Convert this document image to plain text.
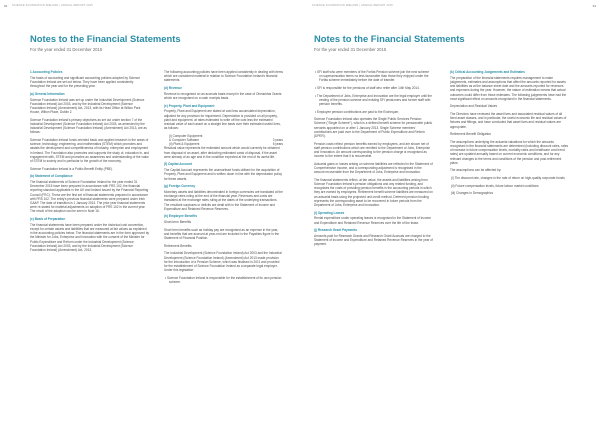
SCIENCE FOUNDATION IRELAND | ANNUAL REPORT 2015
92
Notes to the Financial Statements
For the year ended 31 December 2015

1 Accounting Policies

The basis of accounting and significant accounting policies adopted by Science Foundation Ireland are set out below. They have been applied consistently throughout the year and for the preceding year.

(a) General Information

Science Foundation Ireland was set up under the Industrial Development (Science Foundation Ireland) Act 2003, and by the Industrial Development (Science Foundation Ireland) (Amendment) Act, 2013, with its Head Office at Wilton Park House, Wilton Place, Dublin 2.

Science Foundation Ireland's primary objectives as set out under section 7 of the Industrial Development (Science Foundation Ireland) Act 2003, as amended by the Industrial Development (Science Foundation Ireland) (Amendment) Act 2013, are as follows:

Science Foundation Ireland funds oriented basic and applied research in the areas of science, technology, engineering, and mathematics (STEM) which promotes and assists the development and competitiveness of industry, enterprise and employment in Ireland. The Foundation also promotes and supports the study of, education in, and engagement with, STEM and promotes an awareness and understanding of the value of STEM to society and in particular to the growth of the economy.

Science Foundation Ireland is a Public Benefit Entity (PBE).

(b) Statement of Compliance

The financial statements of Science Foundation Ireland for the year ended 31 December 2015 have been prepared in accordance with FRS 102, the financial reporting standard applicable in the UK and Ireland issued by the Financial Reporting Council (FRC). These are the first set of financial statements prepared in accordance with FRS 102. The entity's previous financial statements were prepared under Irish GAAP. The date of transition is 1 January 2014. The prior year financial statements were re-stated for material adjustments on adoption of FRS 102 in the current year. The result of the adoption can be seen in Note 16.

(c) Basis of Preparation

The financial statements have been prepared under the historical cost convention, except for certain assets and liabilities that are measured at fair values as explained in the accounting policies below. The financial statements are in the form approved by the Minister for Jobs, Enterprise and Innovation with the consent of the Minister for Public Expenditure and Reform under the Industrial Development (Science Foundation Ireland) Act 2003, and by the Industrial Development (Science Foundation Ireland) (Amendment) Act, 2013.

The following accounting policies have been applied consistently in dealing with items which are considered material in relation to Science Foundation Ireland's financial statements.

(d) Revenue

Revenue is recognised on an accruals basis except in the case of Oireachtas Grants which are recognised on a cash receipts basis.

(e) Property, Plant and Equipment

Property, Plant and Equipment are stated at cost less accumulated depreciation, adjusted for any provision for impairment. Depreciation is provided on all property, plant and equipment, at rates estimated to write off the cost less the estimated residual value of each asset on a straight line basis over their estimated useful lives, as follows:

(i) Computer Equipment
& Computer Software	3 years
(ii) Plant & Equipment	5 years

Residual value represents the estimated amount which would currently be obtained from disposal of an asset, after deducting estimated costs of disposal, if the asset were already of an age and in the condition expected at the end of its useful life.

(f) Capital Account

The Capital Account represents the unamortised funds utilised for the acquisition of Property, Plant and Equipment and is written down in line with the depreciation policy for these assets.

(g) Foreign Currency

Monetary assets and liabilities denominated in foreign currencies are translated at the exchange rates ruling at the end of the financial year. Revenues and costs are translated at the exchange rates ruling at the dates of the underlying transactions. The resultant surpluses or deficits are dealt with in the Statement of Income and Expenditure and Retained Revenue Reserves.

(h) Employee Benefits

Short-term Benefits

Short term benefits such as holiday pay are recognised as an expense in the year, and benefits that are accrued at year-end are included in the Payables figure in the Statement of Financial Position.

Retirement Benefits

The Industrial Development (Science Foundation Ireland) Act 2003 and the Industrial Development (Science Foundation Ireland) (Amendment) Act 2013 made provision for the introduction of a Pension Scheme, which was finalised in 2011 and provided for the establishment of Science Foundation Ireland as a separate legal employer. Under this legislation:

• Science Foundation Ireland is responsible for the establishment of its own pension scheme.

SCIENCE FOUNDATION IRELAND | ANNUAL REPORT 2015	93
Notes to the Financial Statements
For the year ended 31 December 2015

• SFI staff who were members of the Forfás Pension scheme join the new scheme on superannuation terms no less favourable than those they enjoyed under the Forfás scheme immediately before the date of transfer.

• SFI is responsible for the pensions of staff who retire after 14th May 2014.

• The Department of Jobs, Enterprise and Innovation are the legal employer until the vesting of the pension scheme and existing SFI pensioners and former staff with pension benefits.

• Employee pension contributions are paid to the Exchequer.

Science Foundation Ireland also operates the Single Public Services Pension Scheme ("Single Scheme"), which is a defined benefit scheme for pensionable public servants appointed on or after 1 January 2013. Single Scheme members' contributions are paid over to the Department of Public Expenditure and Reform (DPER).

Pension costs reflect pension benefits earned by employees, and are shown net of staff pension contributions which are remitted to the Department of Jobs, Enterprise and Innovation. An amount corresponding to the pension charge is recognised as income to the extent that it is recoverable.

Actuarial gains or losses arising on scheme liabilities are reflected in the Statement of Comprehensive Income, and a corresponding adjustment is recognised in the amount recoverable from the Department of Jobs, Enterprise and Innovation.

The financial statements reflect, at fair value, the assets and liabilities arising from Science Foundation Ireland's pension obligations and any related funding, and recognises the costs of providing pension benefits in the accounting periods in which they are earned by employees. Retirement benefit scheme liabilities are measured on an actuarial basis using the projected unit credit method. Deferred pension funding represents the corresponding asset to be recovered in future periods from the Department of Jobs, Enterprise and Innovation.

(i) Operating Leases

Rental expenditure under operating leases is recognised in the Statement of Income and Expenditure and Retained Revenue Reserves over the life of the lease.

(j) Research Grant Payments

Amounts paid for Research Grants and Research Grant Accruals are charged to the Statement of Income and Expenditure and Retained Revenue Reserves in the year of payment.

(k) Critical Accounting Judgements and Estimates

The preparation of the financial statements requires management to make judgements, estimates and assumptions that affect the amounts reported for assets and liabilities as at the balance sheet date and the amounts reported for revenues and expenses during the year. However, the nature of estimation means that actual outcomes could differ from those estimates. The following judgements have had the most significant effect on amounts recognised in the financial statements.

Depreciation and Residual Values

The Directors have reviewed the asset lives and associated residual values of all fixed asset classes, and in particular, the useful economic life and residual values of fixtures and fittings, and have concluded that asset lives and residual values are appropriate.

Retirement Benefit Obligation

The assumptions underlying the actuarial valuations for which the amounts recognised in the financial statements are determined (including discount rates, rates of increase in future compensation levels, mortality rates and healthcare cost trend rates) are updated annually based on current economic conditions, and for any relevant changes to the terms and conditions of the pension and post-retirement plans.

The assumptions can be affected by:

(i) The discount rate, changes in the rate of return on high-quality corporate bonds

(ii) Future compensation levels, future labour market conditions

(iii) Changes in Demographics
